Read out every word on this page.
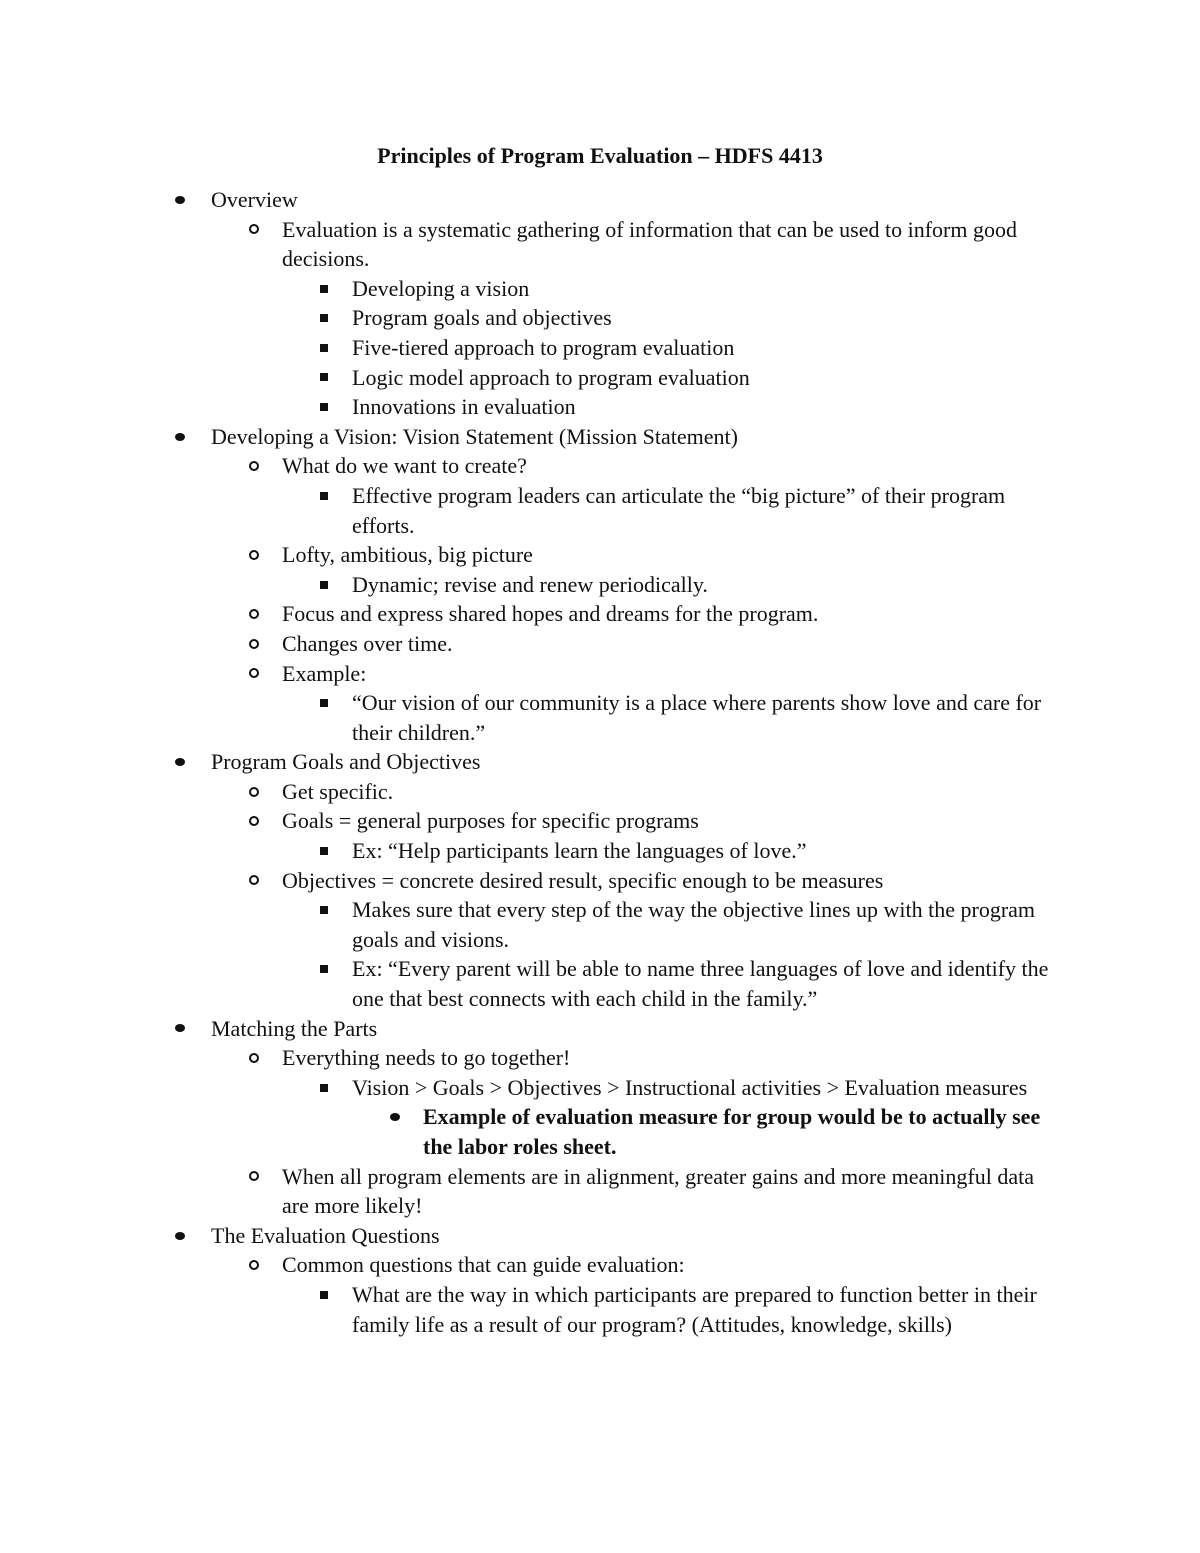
Principles of Program Evaluation – HDFS 4413
Overview
Evaluation is a systematic gathering of information that can be used to inform good decisions.
Developing a vision
Program goals and objectives
Five-tiered approach to program evaluation
Logic model approach to program evaluation
Innovations in evaluation
Developing a Vision: Vision Statement (Mission Statement)
What do we want to create?
Effective program leaders can articulate the “big picture” of their program efforts.
Lofty, ambitious, big picture
Dynamic; revise and renew periodically.
Focus and express shared hopes and dreams for the program.
Changes over time.
Example:
“Our vision of our community is a place where parents show love and care for their children.”
Program Goals and Objectives
Get specific.
Goals = general purposes for specific programs
Ex: “Help participants learn the languages of love.”
Objectives = concrete desired result, specific enough to be measures
Makes sure that every step of the way the objective lines up with the program goals and visions.
Ex: “Every parent will be able to name three languages of love and identify the one that best connects with each child in the family.”
Matching the Parts
Everything needs to go together!
Vision > Goals > Objectives > Instructional activities > Evaluation measures
Example of evaluation measure for group would be to actually see the labor roles sheet.
When all program elements are in alignment, greater gains and more meaningful data are more likely!
The Evaluation Questions
Common questions that can guide evaluation:
What are the way in which participants are prepared to function better in their family life as a result of our program? (Attitudes, knowledge, skills)
